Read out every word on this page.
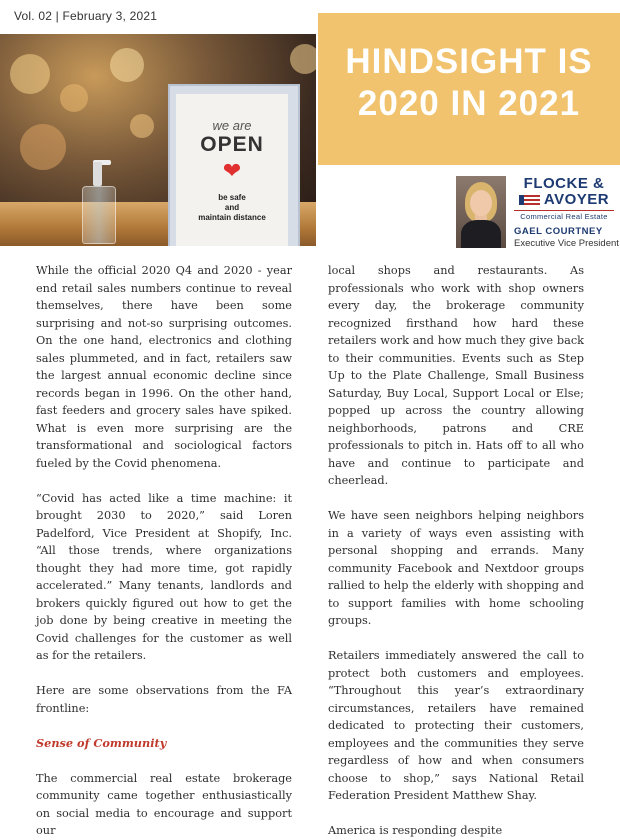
Vol. 02 | February 3, 2021
we are
OPEN
❤
be safe
and
maintain distance
HINDSIGHT IS 2020 IN 2021
FLOCKE &
AVOYER
Commercial Real Estate
GAEL COURTNEY
Executive Vice President

While the official 2020 Q4 and 2020 - year end retail sales numbers continue to reveal themselves, there have been some surprising and not-so surprising outcomes. On the one hand, electronics and clothing sales plummeted, and in fact, retailers saw the largest annual economic decline since records began in 1996. On the other hand, fast feeders and grocery sales have spiked. What is even more surprising are the transformational and sociological factors fueled by the Covid phenomena.

“Covid has acted like a time machine: it brought 2030 to 2020,” said Loren Padelford, Vice President at Shopify, Inc. “All those trends, where organizations thought they had more time, got rapidly accelerated.” Many tenants, landlords and brokers quickly figured out how to get the job done by being creative in meeting the Covid challenges for the customer as well as for the retailers.

Here are some observations from the FA frontline:

Sense of Community

The commercial real estate brokerage community came together enthusiastically on social media to encourage and support our

local shops and restaurants. As professionals who work with shop owners every day, the brokerage community recognized firsthand how hard these retailers work and how much they give back to their communities. Events such as Step Up to the Plate Challenge, Small Business Saturday, Buy Local, Support Local or Else; popped up across the country allowing neighborhoods, patrons and CRE professionals to pitch in. Hats off to all who have and continue to participate and cheerlead.

We have seen neighbors helping neighbors in a variety of ways even assisting with personal shopping and errands. Many community Facebook and Nextdoor groups rallied to help the elderly with shopping and to support families with home schooling groups.

Retailers immediately answered the call to protect both customers and employees. “Throughout this year’s extraordinary circumstances, retailers have remained dedicated to protecting their customers, employees and the communities they serve regardless of how and when consumers choose to shop,” says National Retail Federation President Matthew Shay.

America is responding despite
